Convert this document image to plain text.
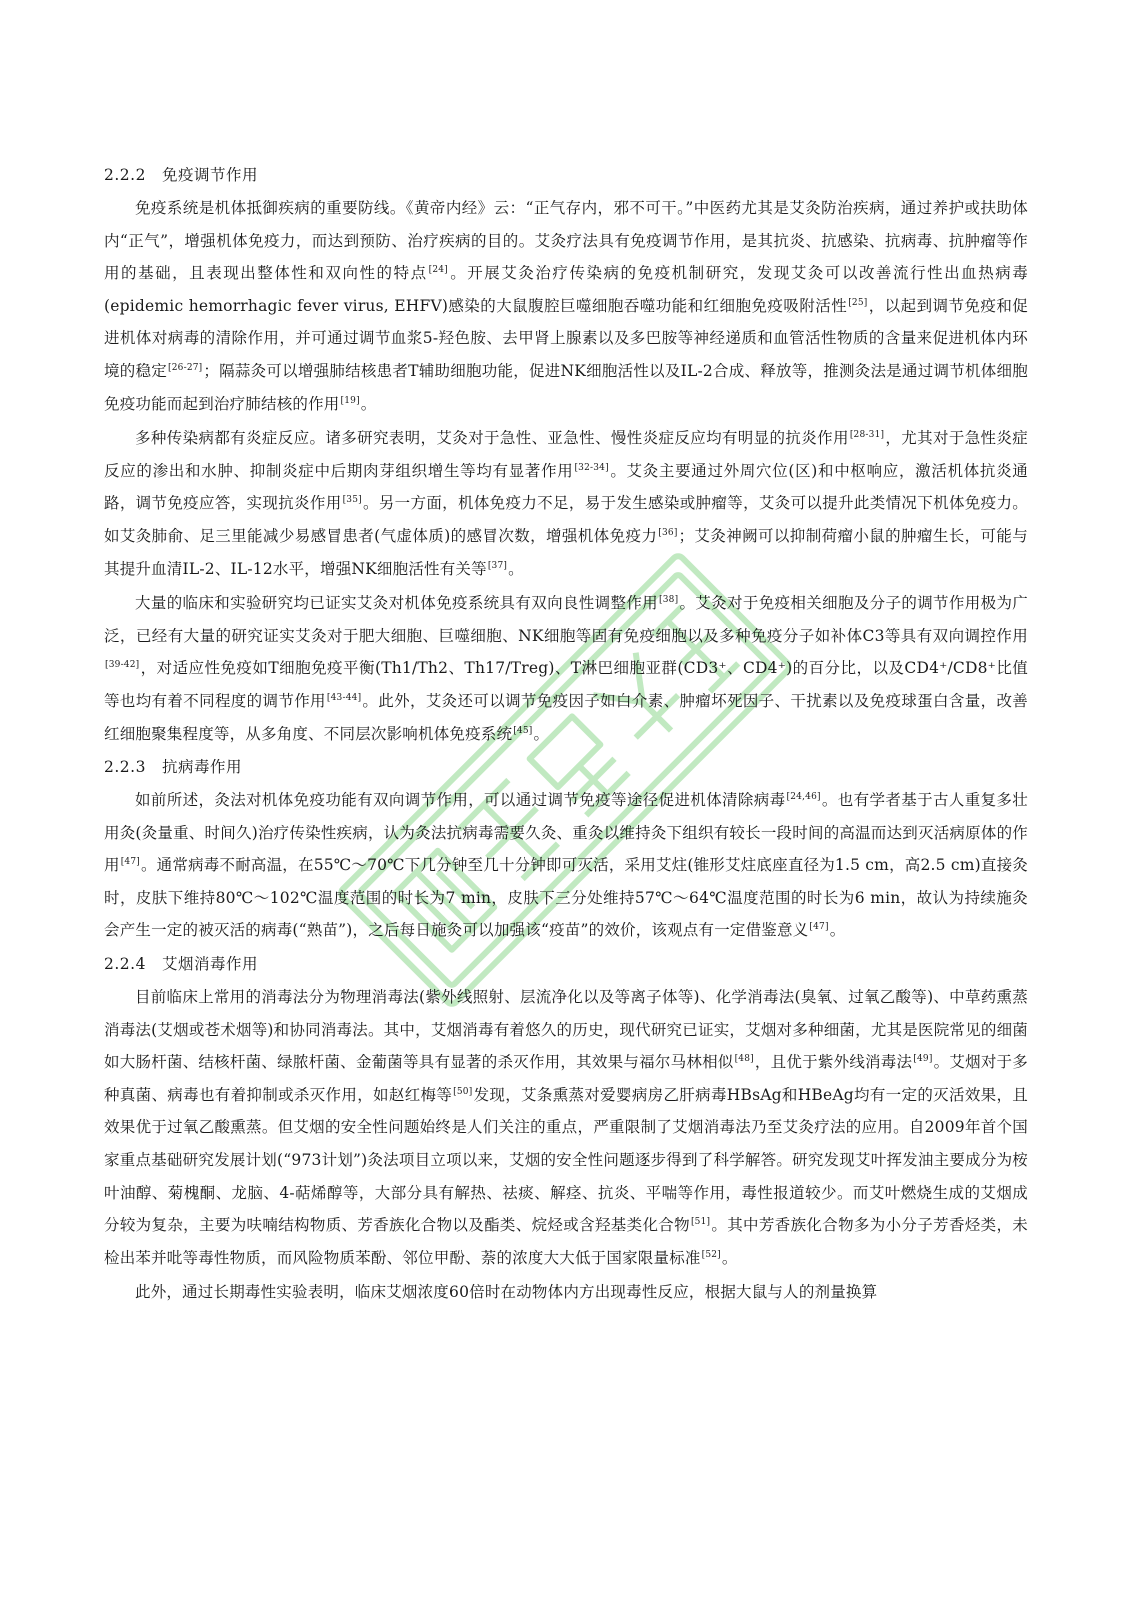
2.2.2　免疫调节作用

免疫系统是机体抵御疾病的重要防线。《黄帝内经》云：“正气存内，邪不可干。”中医药尤其是艾灸防治疾病，通过养护或扶助体内“正气”，增强机体免疫力，而达到预防、治疗疾病的目的。艾灸疗法具有免疫调节作用，是其抗炎、抗感染、抗病毒、抗肿瘤等作用的基础，且表现出整体性和双向性的特点[24]。开展艾灸治疗传染病的免疫机制研究，发现艾灸可以改善流行性出血热病毒(epidemic hemorrhagic fever virus, EHFV)感染的大鼠腹腔巨噬细胞吞噬功能和红细胞免疫吸附活性[25]，以起到调节免疫和促进机体对病毒的清除作用，并可通过调节血浆5-羟色胺、去甲肾上腺素以及多巴胺等神经递质和血管活性物质的含量来促进机体内环境的稳定[26-27]；隔蒜灸可以增强肺结核患者T辅助细胞功能，促进NK细胞活性以及IL-2合成、释放等，推测灸法是通过调节机体细胞免疫功能而起到治疗肺结核的作用[19]。

多种传染病都有炎症反应。诸多研究表明，艾灸对于急性、亚急性、慢性炎症反应均有明显的抗炎作用[28-31]，尤其对于急性炎症反应的渗出和水肿、抑制炎症中后期肉芽组织增生等均有显著作用[32-34]。艾灸主要通过外周穴位(区)和中枢响应，激活机体抗炎通路，调节免疫应答，实现抗炎作用[35]。另一方面，机体免疫力不足，易于发生感染或肿瘤等，艾灸可以提升此类情况下机体免疫力。如艾灸肺俞、足三里能减少易感冒患者(气虚体质)的感冒次数，增强机体免疫力[36]；艾灸神阙可以抑制荷瘤小鼠的肿瘤生长，可能与其提升血清IL-2、IL-12水平，增强NK细胞活性有关等[37]。

大量的临床和实验研究均已证实艾灸对机体免疫系统具有双向良性调整作用[38]。艾灸对于免疫相关细胞及分子的调节作用极为广泛，已经有大量的研究证实艾灸对于肥大细胞、巨噬细胞、NK细胞等固有免疫细胞以及多种免疫分子如补体C3等具有双向调控作用[39-42]，对适应性免疫如T细胞免疫平衡(Th1/Th2、Th17/Treg)、T淋巴细胞亚群(CD3⁺、CD4⁺)的百分比，以及CD4⁺/CD8⁺比值等也均有着不同程度的调节作用[43-44]。此外，艾灸还可以调节免疫因子如白介素、肿瘤坏死因子、干扰素以及免疫球蛋白含量，改善红细胞聚集程度等，从多角度、不同层次影响机体免疫系统[45]。

2.2.3　抗病毒作用

如前所述，灸法对机体免疫功能有双向调节作用，可以通过调节免疫等途径促进机体清除病毒[24,46]。也有学者基于古人重复多壮用灸(灸量重、时间久)治疗传染性疾病，认为灸法抗病毒需要久灸、重灸以维持灸下组织有较长一段时间的高温而达到灭活病原体的作用[47]。通常病毒不耐高温，在55℃～70℃下几分钟至几十分钟即可灭活，采用艾炷(锥形艾炷底座直径为1.5 cm，高2.5 cm)直接灸时，皮肤下维持80℃～102℃温度范围的时长为7 min，皮肤下三分处维持57℃～64℃温度范围的时长为6 min，故认为持续施灸会产生一定的被灭活的病毒(“熟苗”)，之后每日施灸可以加强该“疫苗”的效价，该观点有一定借鉴意义[47]。

2.2.4　艾烟消毒作用

目前临床上常用的消毒法分为物理消毒法(紫外线照射、层流净化以及等离子体等)、化学消毒法(臭氧、过氧乙酸等)、中草药熏蒸消毒法(艾烟或苍术烟等)和协同消毒法。其中，艾烟消毒有着悠久的历史，现代研究已证实，艾烟对多种细菌，尤其是医院常见的细菌如大肠杆菌、结核杆菌、绿脓杆菌、金葡菌等具有显著的杀灭作用，其效果与福尔马林相似[48]，且优于紫外线消毒法[49]。艾烟对于多种真菌、病毒也有着抑制或杀灭作用，如赵红梅等[50]发现，艾条熏蒸对爱婴病房乙肝病毒HBsAg和HBeAg均有一定的灭活效果，且效果优于过氧乙酸熏蒸。但艾烟的安全性问题始终是人们关注的重点，严重限制了艾烟消毒法乃至艾灸疗法的应用。自2009年首个国家重点基础研究发展计划(“973计划”)灸法项目立项以来，艾烟的安全性问题逐步得到了科学解答。研究发现艾叶挥发油主要成分为桉叶油醇、菊槐酮、龙脑、4-萜烯醇等，大部分具有解热、祛痰、解痉、抗炎、平喘等作用，毒性报道较少。而艾叶燃烧生成的艾烟成分较为复杂，主要为呋喃结构物质、芳香族化合物以及酯类、烷烃或含羟基类化合物[51]。其中芳香族化合物多为小分子芳香烃类，未检出苯并吡等毒性物质，而风险物质苯酚、邻位甲酚、萘的浓度大大低于国家限量标准[52]。

此外，通过长期毒性实验表明，临床艾烟浓度60倍时在动物体内方出现毒性反应，根据大鼠与人的剂量换算
